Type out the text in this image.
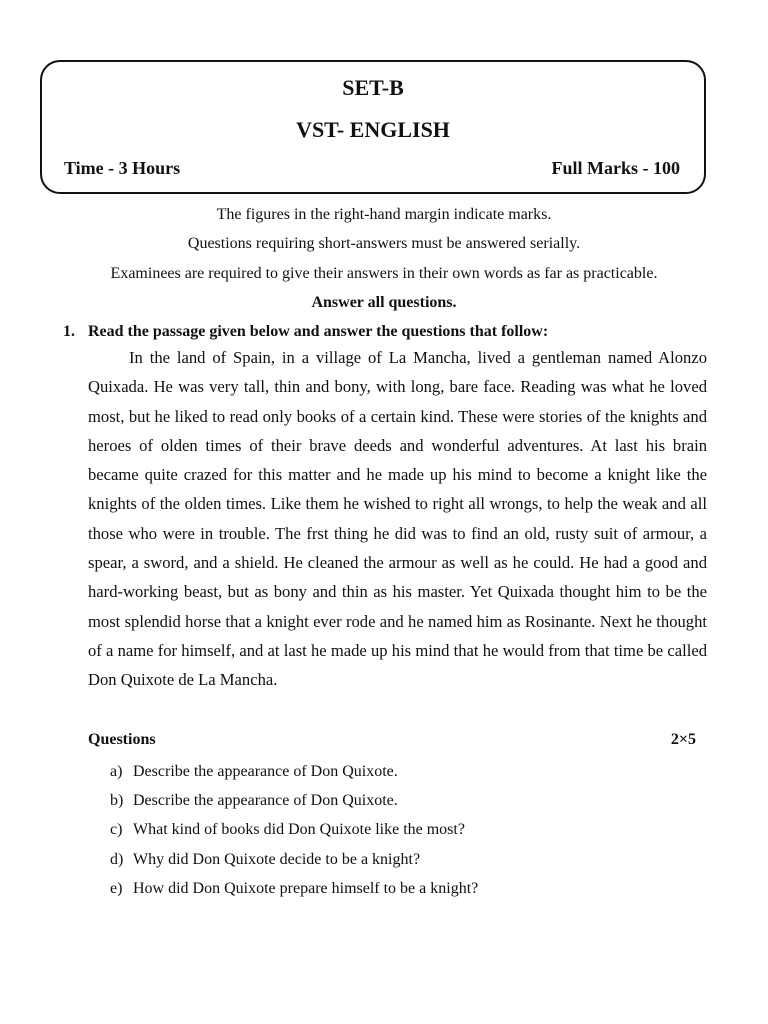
SET-B
VST- ENGLISH
Time - 3 Hours	Full Marks - 100
The figures in the right-hand margin indicate marks.
Questions requiring short-answers must be answered serially.
Examinees are required to give their answers in their own words as far as practicable.
Answer all questions.
1. Read the passage given below and answer the questions that follow:

In the land of Spain, in a village of La Mancha, lived a gentleman named Alonzo Quixada. He was very tall, thin and bony, with long, bare face. Reading was what he loved most, but he liked to read only books of a certain kind. These were stories of the knights and heroes of olden times of their brave deeds and wonderful adventures. At last his brain became quite crazed for this matter and he made up his mind to become a knight like the knights of the olden times. Like them he wished to right all wrongs, to help the weak and all those who were in trouble. The frst thing he did was to find an old, rusty suit of armour, a spear, a sword, and a shield. He cleaned the armour as well as he could. He had a good and hard-working beast, but as bony and thin as his master. Yet Quixada thought him to be the most splendid horse that a knight ever rode and he named him as Rosinante. Next he thought of a name for himself, and at last he made up his mind that he would from that time be called Don Quixote de La Mancha.

Questions	2×5
a) Describe the appearance of Don Quixote.
b) Describe the appearance of Don Quixote.
c) What kind of books did Don Quixote like the most?
d) Why did Don Quixote decide to be a knight?
e) How did Don Quixote prepare himself to be a knight?
